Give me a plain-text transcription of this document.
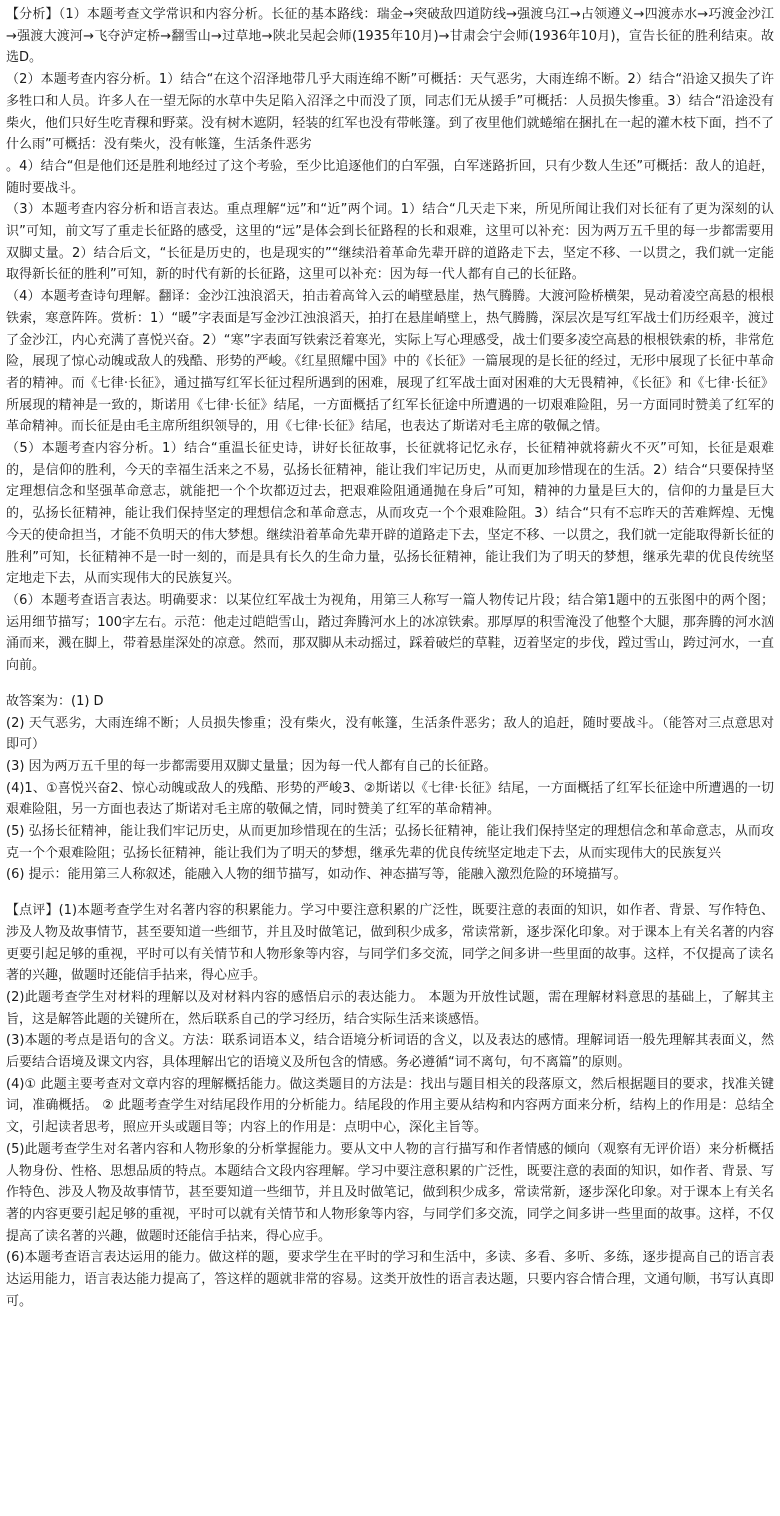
【分析】（1）本题考查文学常识和内容分析。长征的基本路线：瑞金→突破敌四道防线→强渡乌江→占领遵义→四渡赤水→巧渡金沙江→强渡大渡河→飞夺泸定桥→翻雪山→过草地→陕北吴起会师(1935年10月)→甘肃会宁会师(1936年10月)，宣告长征的胜利结束。故选D。

（2）本题考查内容分析。1）结合“在这个沼泽地带几乎大雨连绵不断”可概括：天气恶劣，大雨连绵不断。2）结合“沿途又损失了许多牲口和人员。许多人在一望无际的水草中失足陷入沼泽之中而没了顶，同志们无从援手”可概括：人员损失惨重。3）结合“沿途没有柴火，他们只好生吃青稞和野菜。没有树木遮阴，轻装的红军也没有带帐篷。到了夜里他们就蜷缩在捆扎在一起的灌木枝下面，挡不了什么雨”可概括：没有柴火，没有帐篷，生活条件恶劣

。4）结合“但是他们还是胜利地经过了这个考验，至少比追逐他们的白军强，白军迷路折回，只有少数人生还”可概括：敌人的追赶，随时要战斗。

（3）本题考查内容分析和语言表达。重点理解“远”和“近”两个词。1）结合“几天走下来，所见所闻让我们对长征有了更为深刻的认识”可知，前文写了重走长征路的感受，这里的“远”是体会到长征路程的长和艰难，这里可以补充：因为两万五千里的每一步都需要用双脚丈量。2）结合后文，“长征是历史的，也是现实的”“继续沿着革命先辈开辟的道路走下去，坚定不移、一以贯之，我们就一定能取得新长征的胜利”可知，新的时代有新的长征路，这里可以补充：因为每一代人都有自己的长征路。

（4）本题考查诗句理解。翻译：金沙江浊浪滔天，拍击着高耸入云的峭壁悬崖，热气腾腾。大渡河险桥横架，晃动着凌空高悬的根根铁索，寒意阵阵。赏析：1）“暖”字表面是写金沙江浊浪滔天，拍打在悬崖峭壁上，热气腾腾，深层次是写红军战士们历经艰辛，渡过了金沙江，内心充满了喜悦兴奋。2）“寒”字表面写铁索泛着寒光，实际上写心理感受，战士们要多凌空高悬的根根铁索的桥，非常危险，展现了惊心动魄或敌人的残酷、形势的严峻。《红星照耀中国》中的《长征》一篇展现的是长征的经过，无形中展现了长征中革命者的精神。而《七律·长征》，通过描写红军长征过程所遇到的困难，展现了红军战士面对困难的大无畏精神，《长征》和《七律·长征》所展现的精神是一致的，斯诺用《七律·长征》结尾，一方面概括了红军长征途中所遭遇的一切艰难险阻，另一方面同时赞美了红军的革命精神。而长征是由毛主席所组织领导的，用《七律·长征》结尾，也表达了斯诺对毛主席的敬佩之情。

（5）本题考查内容分析。1）结合“重温长征史诗，讲好长征故事，长征就将记忆永存，长征精神就将薪火不灭”可知，长征是艰难的，是信仰的胜利，今天的幸福生活来之不易，弘扬长征精神，能让我们牢记历史，从而更加珍惜现在的生活。2）结合“只要保持坚定理想信念和坚强革命意志，就能把一个个坎都迈过去，把艰难险阻通通抛在身后”可知，精神的力量是巨大的，信仰的力量是巨大的，弘扬长征精神，能让我们保持坚定的理想信念和革命意志，从而攻克一个个艰难险阻。3）结合“只有不忘昨天的苦难辉煌、无愧今天的使命担当，才能不负明天的伟大梦想。继续沿着革命先辈开辟的道路走下去，坚定不移、一以贯之，我们就一定能取得新长征的胜利”可知，长征精神不是一时一刻的，而是具有长久的生命力量，弘扬长征精神，能让我们为了明天的梦想，继承先辈的优良传统坚定地走下去，从而实现伟大的民族复兴。

（6）本题考查语言表达。明确要求：以某位红军战士为视角，用第三人称写一篇人物传记片段；结合第1题中的五张图中的两个图；运用细节描写；100字左右。示范：他走过皑皑雪山，踏过奔腾河水上的冰凉铁索。那厚厚的积雪淹没了他整个大腿，那奔腾的河水汹涌而来，溅在脚上，带着悬崖深处的凉意。然而，那双脚从未动摇过，踩着破烂的草鞋，迈着坚定的步伐，蹚过雪山，跨过河水，一直向前。

故答案为：(1) D

(2) 天气恶劣，大雨连绵不断；人员损失惨重；没有柴火，没有帐篷，生活条件恶劣；敌人的追赶，随时要战斗。（能答对三点意思对即可）

(3) 因为两万五千里的每一步都需要用双脚丈量量；因为每一代人都有自己的长征路。

(4)1、①喜悦兴奋2、惊心动魄或敌人的残酷、形势的严峻3、②斯诺以《七律·长征》结尾，一方面概括了红军长征途中所遭遇的一切艰难险阻，另一方面也表达了斯诺对毛主席的敬佩之情，同时赞美了红军的革命精神。

(5) 弘扬长征精神，能让我们牢记历史，从而更加珍惜现在的生活；弘扬长征精神，能让我们保持坚定的理想信念和革命意志，从而攻克一个个艰难险阻；弘扬长征精神，能让我们为了明天的梦想，继承先辈的优良传统坚定地走下去，从而实现伟大的民族复兴

(6) 提示：能用第三人称叙述，能融入人物的细节描写，如动作、神态描写等，能融入激烈危险的环境描写。

【点评】(1)本题考查学生对名著内容的积累能力。学习中要注意积累的广泛性，既要注意的表面的知识，如作者、背景、写作特色、涉及人物及故事情节，甚至要知道一些细节，并且及时做笔记，做到积少成多，常读常新，逐步深化印象。对于课本上有关名著的内容更要引起足够的重视，平时可以有关情节和人物形象等内容，与同学们多交流，同学之间多讲一些里面的故事。这样，不仅提高了读名著的兴趣，做题时还能信手拈来，得心应手。

(2)此题考查学生对材料的理解以及对材料内容的感悟启示的表达能力。 本题为开放性试题，需在理解材料意思的基础上，了解其主旨，这是解答此题的关键所在，然后联系自己的学习经历，结合实际生活来谈感悟。

(3)本题的考点是语句的含义。方法：联系词语本义，结合语境分析词语的含义，以及表达的感情。理解词语一般先理解其表面义，然后要结合语境及课文内容，具体理解出它的语境义及所包含的情感。务必遵循“词不离句，句不离篇”的原则。

(4)① 此题主要考查对文章内容的理解概括能力。做这类题目的方法是：找出与题目相关的段落原文，然后根据题目的要求，找准关键词，准确概括。 ② 此题考查学生对结尾段作用的分析能力。结尾段的作用主要从结构和内容两方面来分析，结构上的作用是：总结全文，引起读者思考，照应开头或题目等；内容上的作用是：点明中心，深化主旨等。

(5)此题考查学生对名著内容和人物形象的分析掌握能力。要从文中人物的言行描写和作者情感的倾向（观察有无评价语）来分析概括人物身份、性格、思想品质的特点。本题结合文段内容理解。学习中要注意积累的广泛性，既要注意的表面的知识，如作者、背景、写作特色、涉及人物及故事情节，甚至要知道一些细节，并且及时做笔记，做到积少成多，常读常新，逐步深化印象。对于课本上有关名著的内容更要引起足够的重视，平时可以就有关情节和人物形象等内容，与同学们多交流，同学之间多讲一些里面的故事。这样，不仅提高了读名著的兴趣，做题时还能信手拈来，得心应手。

(6)本题考查语言表达运用的能力。做这样的题，要求学生在平时的学习和生活中，多读、多看、多听、多练，逐步提高自己的语言表达运用能力，语言表达能力提高了，答这样的题就非常的容易。这类开放性的语言表达题，只要内容合情合理，文通句顺，书写认真即可。
